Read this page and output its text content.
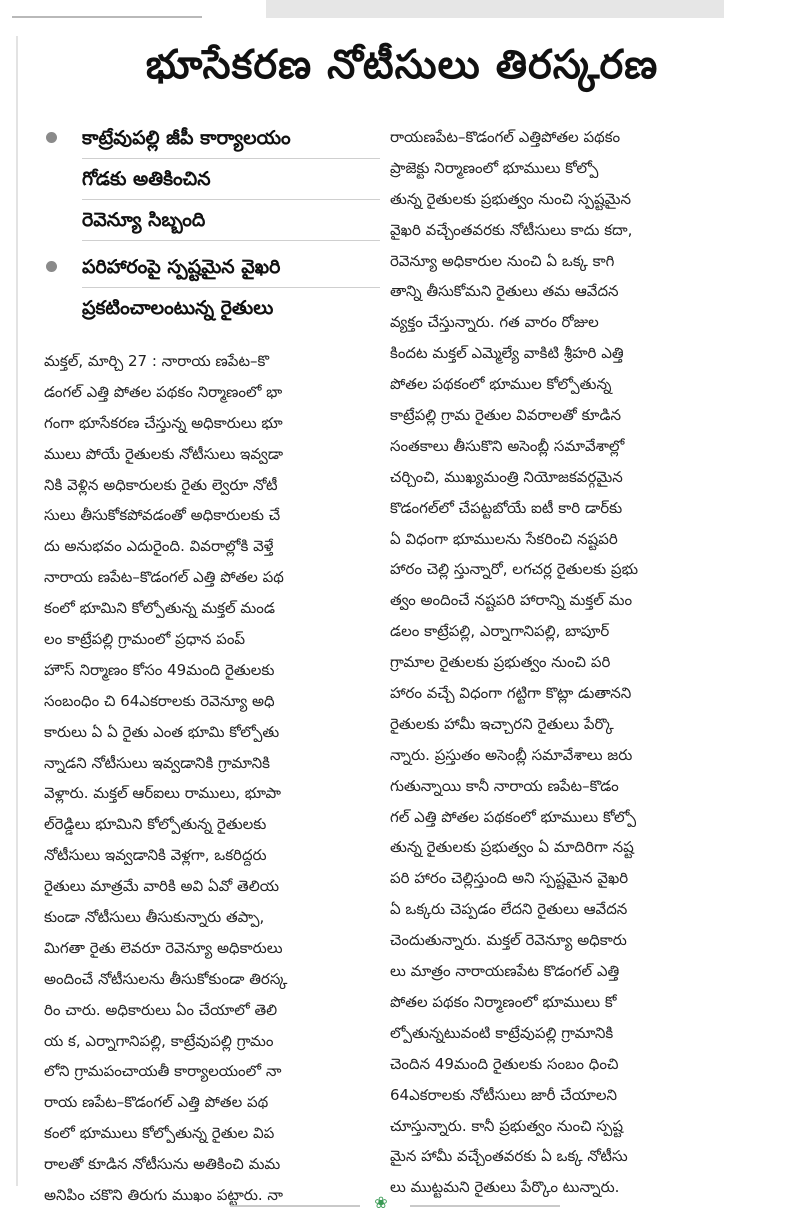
భూసేకరణ నోటీసులు తిరస్కరణ
కాట్రేవుపల్లి జీపీ కార్యాలయం
గోడకు అతికించిన
రెవెన్యూ సిబ్బంది
పరిహారంపై స్పష్టమైన వైఖరి
ప్రకటించాలంటున్న రైతులు
మక్తల్, మార్చి 27 : నారాయ ణపేట–కొ
డంగల్ ఎత్తి పోతల పథకం నిర్మాణంలో భా
గంగా భూసేకరణ చేస్తున్న అధికారులు భూ
ములు పోయే రైతులకు నోటీసులు ఇవ్వడా
నికి వెళ్లిన అధికారులకు రైతు ల్వెరూ నోటీ
సులు తీసుకోకపోవడంతో అధికారులకు చే
దు అనుభవం ఎదురైంది. వివరాల్లోకి వెళ్తే
నారాయ ణపేట–కొడంగల్ ఎత్తి పోతల పథ
కంలో భూమిని కోల్పోతున్న మక్తల్ మండ
లం కాట్రేపల్లి గ్రామంలో ప్రధాన పంప్
హౌస్ నిర్మాణం కోసం 49మంది రైతులకు
సంబంధిం చి 64ఎకరాలకు రెవెన్యూ అధి
కారులు ఏ ఏ రైతు ఎంత భూమి కోల్పోతు
న్నాడని నోటీసులు ఇవ్వడానికి గ్రామానికి
వెళ్లారు. మక్తల్ ఆర్ఐలు రాములు, భూపా
ల్‌రెడ్డిలు భూమిని కోల్పోతున్న రైతులకు
నోటీసులు ఇవ్వడానికి వెళ్లగా, ఒకరిద్దరు
రైతులు మాత్రమే వారికి అవి ఏవో తెలియ
కుండా నోటీసులు తీసుకున్నారు తప్పా,
మిగతా రైతు లెవరూ రెవెన్యూ అధికారులు
అందించే నోటీసులను తీసుకోకుండా తిరస్క
రిం చారు. అధికారులు ఏం చేయాలో తెలి
య క, ఎర్నాగానిపల్లి, కాట్రేవుపల్లి గ్రామం
లోని గ్రామపంచాయతీ కార్యాలయంలో నా
రాయ ణపేట–కొడంగల్ ఎత్తి పోతల పథ
కంలో భూములు కోల్పోతున్న రైతుల విప
రాలతో కూడిన నోటీసును అతికించి మమ
అనిపిం చకొని తిరుగు ముఖం పట్టారు. నా
రాయణపేట–కొడంగల్ ఎత్తిపోతల పథకం
ప్రాజెక్టు నిర్మాణంలో భూములు కోల్పో
తున్న రైతులకు ప్రభుత్వం నుంచి స్పష్టమైన
వైఖరి వచ్చేంతవరకు నోటీసులు కాదు కదా,
రెవెన్యూ అధికారుల నుంచి ఏ ఒక్క కాగి
తాన్ని తీసుకోమని రైతులు తమ ఆవేదన
వ్యక్తం చేస్తున్నారు. గత వారం రోజుల
కిందట మక్తల్ ఎమ్మెల్యే వాకిటి శ్రీహరి ఎత్తి
పోతల పథకంలో భూముల కోల్పోతున్న
కాట్రేపల్లి గ్రామ రైతుల వివరాలతో కూడిన
సంతకాలు తీసుకొని అసెంబ్లీ సమావేశాల్లో
చర్చించి, ముఖ్యమంత్రి నియోజకవర్గమైన
కొడంగల్‌లో చేపట్టబోయే ఐటీ కారి డార్‌కు
ఏ విధంగా భూములను సేకరించి నష్టపరి
హారం చెల్లి స్తున్నారో, లగచర్ల రైతులకు ప్రభు
త్వం అందించే నష్టపరి హారాన్ని మక్తల్ మం
డలం కాట్రేపల్లి, ఎర్నాగానిపల్లి, బాపూర్
గ్రామాల రైతులకు ప్రభుత్వం నుంచి పరి
హారం వచ్చే విధంగా గట్టిగా కొట్లా డుతానని
రైతులకు హామీ ఇచ్చారని రైతులు పేర్కొ
న్నారు. ప్రస్తుతం అసెంబ్లీ సమావేశాలు జరు
గుతున్నాయి కానీ నారాయ ణపేట–కొడం
గల్ ఎత్తి పోతల పథకంలో భూములు కోల్పో
తున్న రైతులకు ప్రభుత్వం ఏ మాదిరిగా నష్ట
పరి హారం చెల్లిస్తుంది అని స్పష్టమైన వైఖరి
ఏ ఒక్కరు చెప్పడం లేదని రైతులు ఆవేదన
చెందుతున్నారు. మక్తల్ రెవెన్యూ అధికారు
లు మాత్రం నారాయణపేట కొడంగల్ ఎత్తి
పోతల పథకం నిర్మాణంలో భూములు కో
ల్పోతున్నటువంటి కాట్రేవుపల్లి గ్రామానికి
చెందిన 49మంది రైతులకు సంబం ధించి
64ఎకరాలకు నోటీసులు జారీ చేయాలని
చూస్తున్నారు. కానీ ప్రభుత్వం నుంచి స్పష్ట
మైన హామీ వచ్చేంతవరకు ఏ ఒక్క నోటీసు
లు ముట్టమని రైతులు పేర్కొం టున్నారు.
❀
